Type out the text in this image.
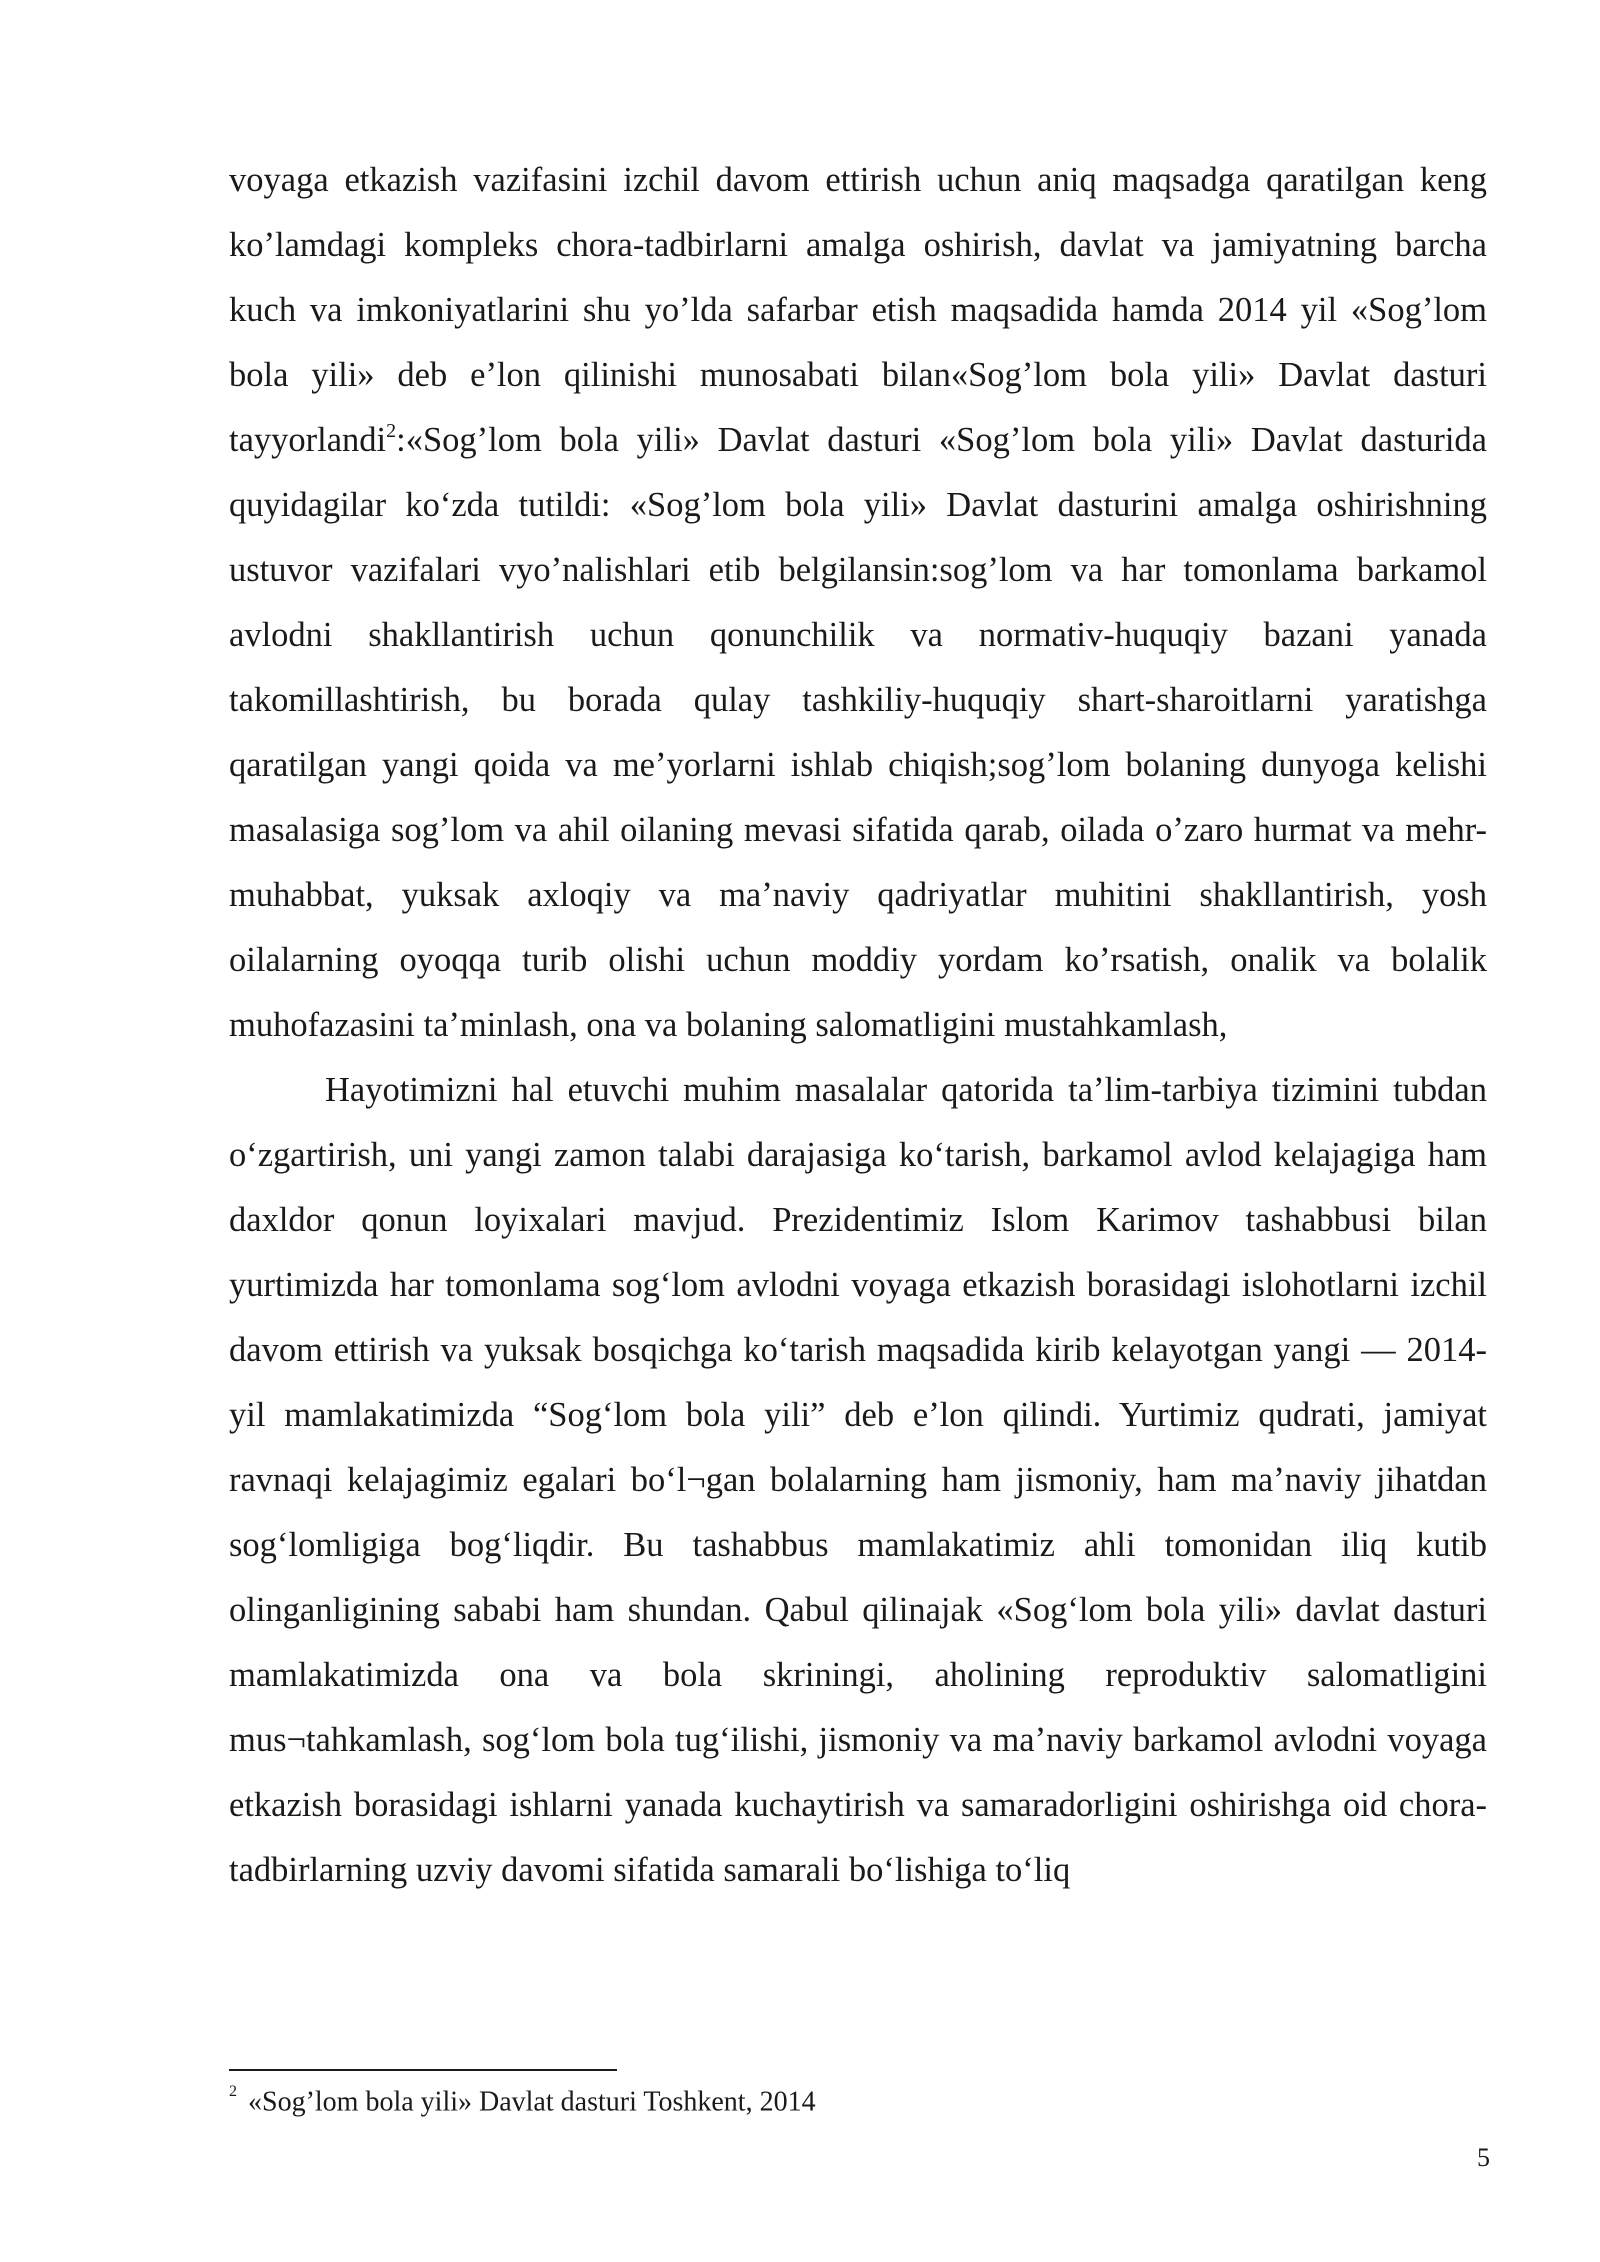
voyaga etkazish vazifasini izchil davom ettirish uchun aniq maqsadga qaratilgan keng koʼlamdagi kompleks chora-tadbirlarni amalga oshirish, davlat va jamiyatning barcha kuch va imkoniyatlarini shu yoʼlda safarbar etish maqsadida hamda 2014 yil «Sogʼlom bola yili» deb eʼlon qilinishi munosabati bilan«Sogʼlom bola yili» Davlat dasturi tayyorlandi$^2$:«Sogʼlom bola yili» Davlat dasturi «Sogʼlom bola yili» Davlat dasturida quyidagilar koʻzda tutildi: «Sogʼlom bola yili» Davlat dasturini amalga oshirishning ustuvor vazifalari vyoʼnalishlari etib belgilansin:sogʼlom va har tomonlama barkamol avlodni shakllantirish uchun qonunchilik va normativ-huquqiy bazani yanada takomillashtirish, bu borada qulay tashkiliy-huquqiy shart-sharoitlarni yaratishga qaratilgan yangi qoida va meʼyorlarni ishlab chiqish;sogʼlom bolaning dunyoga kelishi masalasiga sogʼlom va ahil oilaning mevasi sifatida qarab, oilada oʼzaro hurmat va mehr-muhabbat, yuksak axloqiy va maʼnaviy qadriyatlar muhitini shakllantirish, yosh oilalarning oyoqqa turib olishi uchun moddiy yordam koʼrsatish, onalik va bolalik muhofazasini taʼminlash, ona va bolaning salomatligini mustahkamlash,

Hayotimizni hal etuvchi muhim masalalar qatorida taʼlim-tarbiya tizimini tubdan oʻzgartirish, uni yangi zamon talabi darajasiga koʻtarish, barkamol avlod kelajagiga ham daxldor qonun loyixalari mavjud. Prezidentimiz Islom Karimov tashabbusi bilan yurtimizda har tomonlama sogʻlom avlodni voyaga etkazish borasidagi islohotlarni izchil davom ettirish va yuksak bosqichga koʻtarish maqsadida kirib kelayotgan yangi — 2014-yil mamlakatimizda “Sogʻlom bola yili” deb eʼlon qilindi. Yurtimiz qudrati, jamiyat ravnaqi kelajagimiz egalari boʻl¬gan bolalarning ham jismoniy, ham maʼnaviy jihatdan sogʻlomligiga bogʻliqdir. Bu tashabbus mamlakatimiz ahli tomonidan iliq kutib olinganligining sababi ham shundan. Qabul qilinajak «Sogʻlom bola yili» davlat dasturi mamlakatimizda ona va bola skriningi, aholining reproduktiv salomatligini mus¬tahkamlash, sogʻlom bola tugʻilishi, jismoniy va maʼnaviy barkamol avlodni voyaga etkazish borasidagi ishlarni yanada kuchaytirish va samaradorligini oshirishga oid chora-tadbirlarning uzviy davomi sifatida samarali boʻlishiga toʻliq

$^2$ «Sogʼlom bola yili» Davlat dasturi Toshkent, 2014
5
